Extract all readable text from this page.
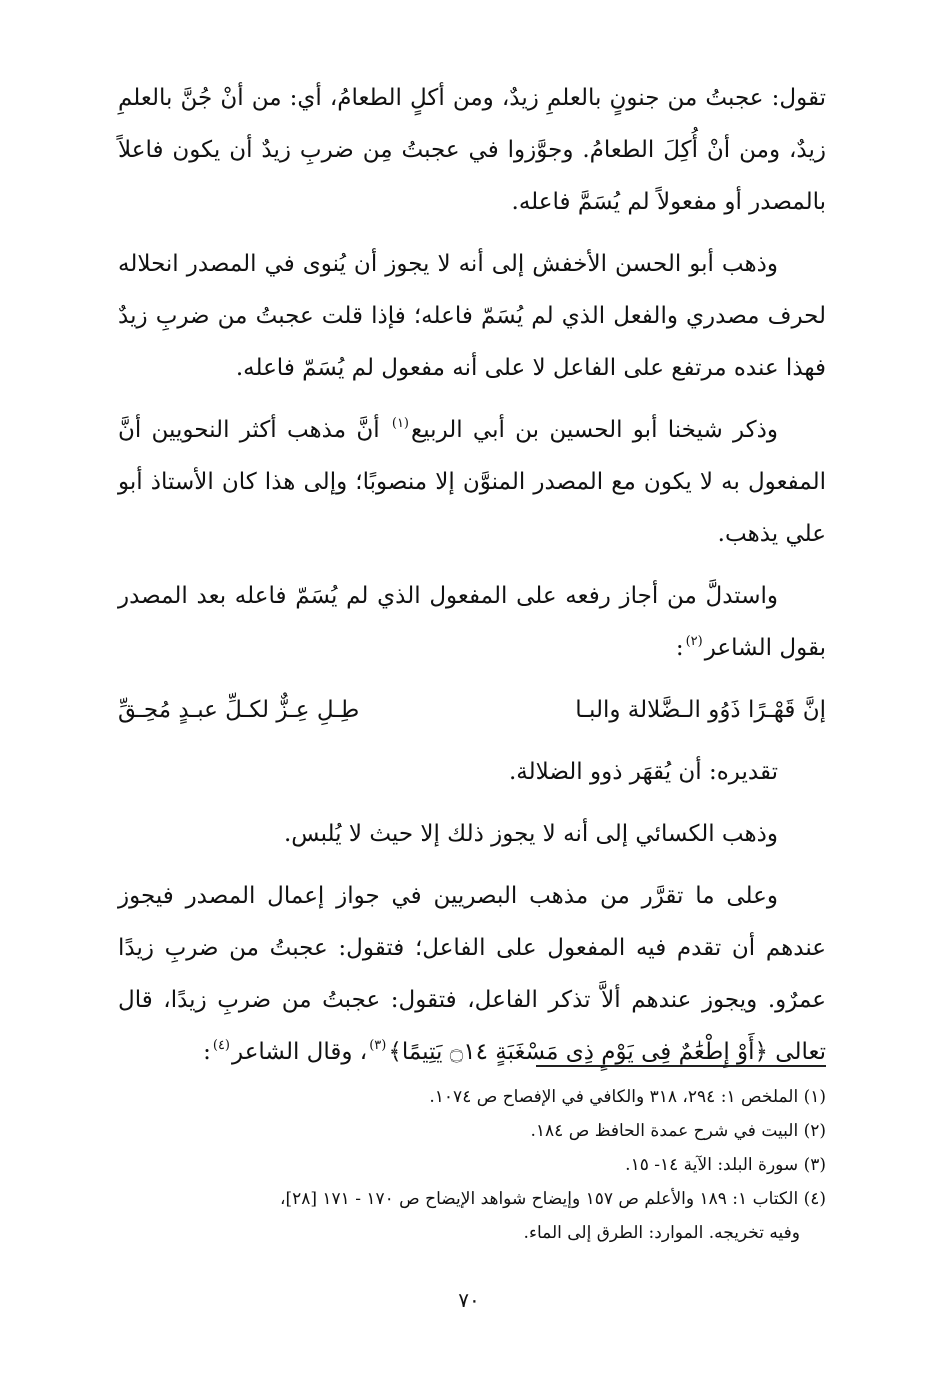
تقول: عجبتُ من جنونٍ بالعلمِ زيدٌ، ومن أكلٍ الطعامُ، أي: من أنْ جُنَّ بالعلمِ زيدٌ، ومن أنْ أُكِلَ الطعامُ. وجوَّزوا في عجبتُ مِن ضربِ زيدٌ أن يكون فاعلاً بالمصدر أو مفعولاً لم يُسَمَّ فاعله.

وذهب أبو الحسن الأخفش إلى أنه لا يجوز أن يُنوى في المصدر انحلاله لحرف مصدري والفعل الذي لم يُسَمّ فاعله؛ فإذا قلت عجبتُ من ضربِ زيدٌ فهذا عنده مرتفع على الفاعل لا على أنه مفعول لم يُسَمّ فاعله.

وذكر شيخنا أبو الحسين بن أبي الربيع$^{(١)}$ أنَّ مذهب أكثر النحويين أنَّ المفعول به لا يكون مع المصدر المنوَّن إلا منصوبًا؛ وإلى هذا كان الأستاذ أبو علي يذهب.

واستدلَّ من أجاز رفعه على المفعول الذي لم يُسَمّ فاعله بعد المصدر بقول الشاعر$^{(٢)}$:

إنَّ قَهْـرًا ذَوُو الـضَّلالة والبـا
طِـلِ عِـزٌّ لكـلِّ عبـدٍ مُحِـقِّ

تقديره: أن يُقهَر ذوو الضلالة.

وذهب الكسائي إلى أنه لا يجوز ذلك إلا حيث لا يُلبس.

وعلى ما تقرَّر من مذهب البصريين في جواز إعمال المصدر فيجوز عندهم أن تقدم فيه المفعول على الفاعل؛ فتقول: عجبتُ من ضربِ زيدًا عمرٌو. ويجوز عندهم ألاَّ تذكر الفاعل، فتقول: عجبتُ من ضربِ زيدًا، قال تعالى ﴿أَوْ إِطْعَٰمٌ فِى يَوْمٍ ذِى مَسْغَبَةٍ ۝١٤ يَتِيمًا﴾$^{(٣)}$، وقال الشاعر$^{(٤)}$:

(١) الملخص ١: ٢٩٤، ٣١٨ والكافي في الإفصاح ص ١٠٧٤.

(٢) البيت في شرح عمدة الحافظ ص ١٨٤.

(٣) سورة البلد: الآية ١٤- ١٥.

(٤) الكتاب ١: ١٨٩ والأعلم ص ١٥٧ وإيضاح شواهد الإيضاح ص ١٧٠ - ١٧١ [٢٨]،
وفيه تخريجه. الموارد: الطرق إلى الماء.

٧٠
